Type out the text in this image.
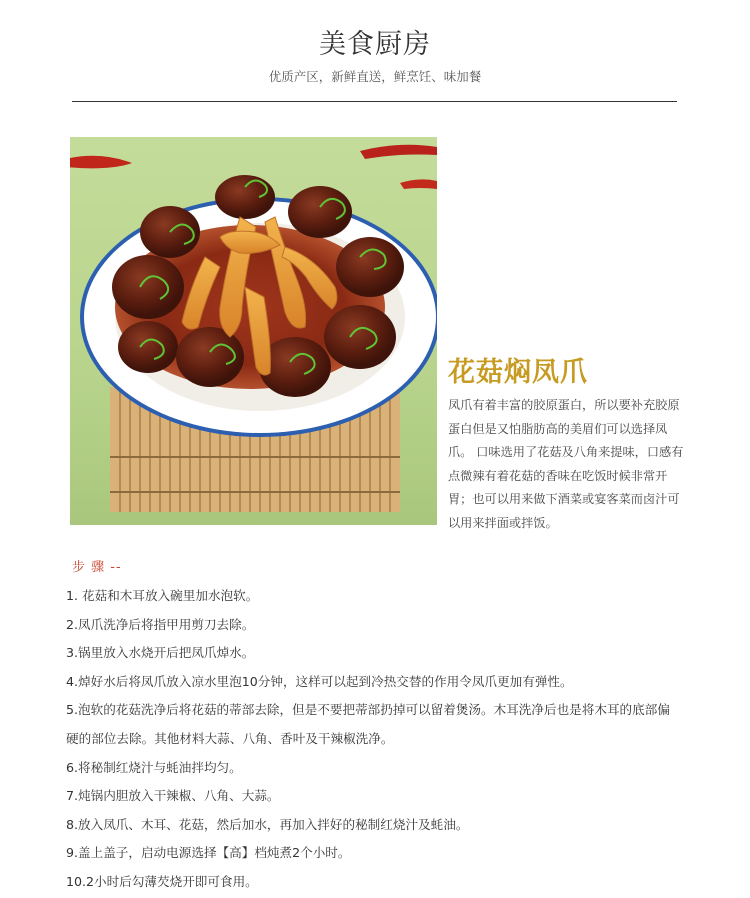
美食厨房
优质产区，新鲜直送，鲜烹饪、味加餐
花菇焖凤爪
凤爪有着丰富的胶原蛋白，所以要补充胶原蛋白但是又怕脂肪高的美眉们可以选择凤爪。 口味选用了花菇及八角来提味，口感有点微辣有着花菇的香味在吃饭时候非常开胃；也可以用来做下酒菜或宴客菜而卤汁可以用来拌面或拌饭。
步 骤 --
1. 花菇和木耳放入碗里加水泡软。
2.凤爪洗净后将指甲用剪刀去除。
3.锅里放入水烧开后把凤爪焯水。
4.焯好水后将凤爪放入凉水里泡10分钟，这样可以起到冷热交替的作用令凤爪更加有弹性。
5.泡软的花菇洗净后将花菇的蒂部去除，但是不要把蒂部扔掉可以留着煲汤。木耳洗净后也是将木耳的底部偏硬的部位去除。其他材料大蒜、八角、香叶及干辣椒洗净。
6.将秘制红烧汁与蚝油拌均匀。
7.炖锅内胆放入干辣椒、八角、大蒜。
8.放入凤爪、木耳、花菇，然后加水，再加入拌好的秘制红烧汁及蚝油。
9.盖上盖子，启动电源选择【高】档炖煮2个小时。
10.2小时后勾薄芡烧开即可食用。
